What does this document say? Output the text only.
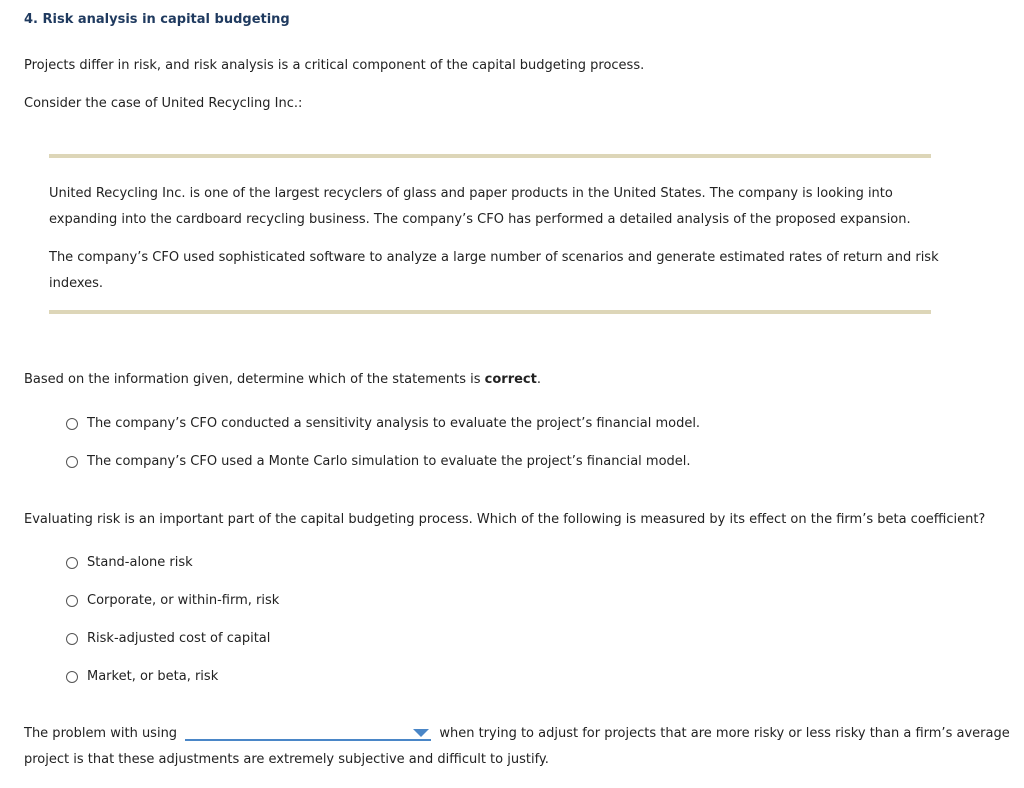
4. Risk analysis in capital budgeting
Projects differ in risk, and risk analysis is a critical component of the capital budgeting process.
Consider the case of United Recycling Inc.:
United Recycling Inc. is one of the largest recyclers of glass and paper products in the United States. The company is looking into
expanding into the cardboard recycling business. The company’s CFO has performed a detailed analysis of the proposed expansion.
The company’s CFO used sophisticated software to analyze a large number of scenarios and generate estimated rates of return and risk
indexes.
Based on the information given, determine which of the statements is correct.
The company’s CFO conducted a sensitivity analysis to evaluate the project’s financial model.
The company’s CFO used a Monte Carlo simulation to evaluate the project’s financial model.
Evaluating risk is an important part of the capital budgeting process. Which of the following is measured by its effect on the firm’s beta coefficient?
Stand-alone risk
Corporate, or within-firm, risk
Risk-adjusted cost of capital
Market, or beta, risk
The problem with using	when trying to adjust for projects that are more risky or less risky than a firm’s average
project is that these adjustments are extremely subjective and difficult to justify.
